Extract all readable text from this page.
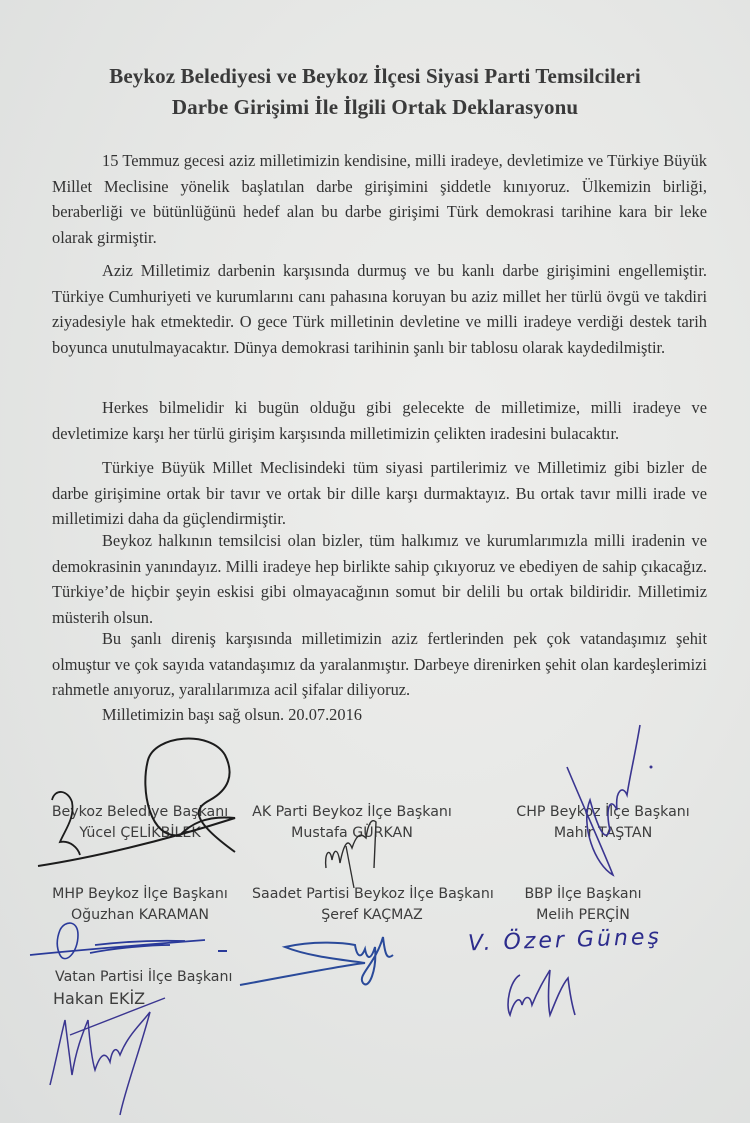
Beykoz Belediyesi ve Beykoz İlçesi Siyasi Parti Temsilcileri
Darbe Girişimi İle İlgili Ortak Deklarasyonu
15 Temmuz gecesi aziz milletimizin kendisine, milli iradeye, devletimize ve Türkiye Büyük Millet Meclisine yönelik başlatılan darbe girişimini şiddetle kınıyoruz. Ülkemizin birliği, beraberliği ve bütünlüğünü hedef alan bu darbe girişimi Türk demokrasi tarihine kara bir leke olarak girmiştir.
Aziz Milletimiz darbenin karşısında durmuş ve bu kanlı darbe girişimini engellemiştir. Türkiye Cumhuriyeti ve kurumlarını canı pahasına koruyan bu aziz millet her türlü övgü ve takdiri ziyadesiyle hak etmektedir. O gece Türk milletinin devletine ve milli iradeye verdiği destek tarih boyunca unutulmayacaktır. Dünya demokrasi tarihinin şanlı bir tablosu olarak kaydedilmiştir.
Herkes bilmelidir ki bugün olduğu gibi gelecekte de milletimize, milli iradeye ve devletimize karşı her türlü girişim karşısında milletimizin çelikten iradesini bulacaktır.
Türkiye Büyük Millet Meclisindeki tüm siyasi partilerimiz ve Milletimiz gibi bizler de darbe girişimine ortak bir tavır ve ortak bir dille karşı durmaktayız. Bu ortak tavır milli irade ve milletimizi daha da güçlendirmiştir.
Beykoz halkının temsilcisi olan bizler, tüm halkımız ve kurumlarımızla milli iradenin ve demokrasinin yanındayız. Milli iradeye hep birlikte sahip çıkıyoruz ve ebediyen de sahip çıkacağız. Türkiye’de hiçbir şeyin eskisi gibi olmayacağının somut bir delili bu ortak bildiridir. Milletimiz müsterih olsun.
Bu şanlı direniş karşısında milletimizin aziz fertlerinden pek çok vatandaşımız şehit olmuştur ve çok sayıda vatandaşımız da yaralanmıştır. Darbeye direnirken şehit olan kardeşlerimizi rahmetle anıyoruz, yaralılarımıza acil şifalar diliyoruz.
Milletimizin başı sağ olsun. 20.07.2016
Beykoz Belediye Başkanı
Yücel ÇELİKBİLEK
AK Parti Beykoz İlçe Başkanı
Mustafa GÜRKAN
CHP Beykoz İlçe Başkanı
Mahir TAŞTAN
MHP Beykoz İlçe Başkanı
Oğuzhan KARAMAN
Saadet Partisi Beykoz İlçe Başkanı
Şeref KAÇMAZ
BBP İlçe Başkanı
Melih PERÇİN
Vatan Partisi İlçe Başkanı
Hakan EKİZ
V. Özer Güneş
